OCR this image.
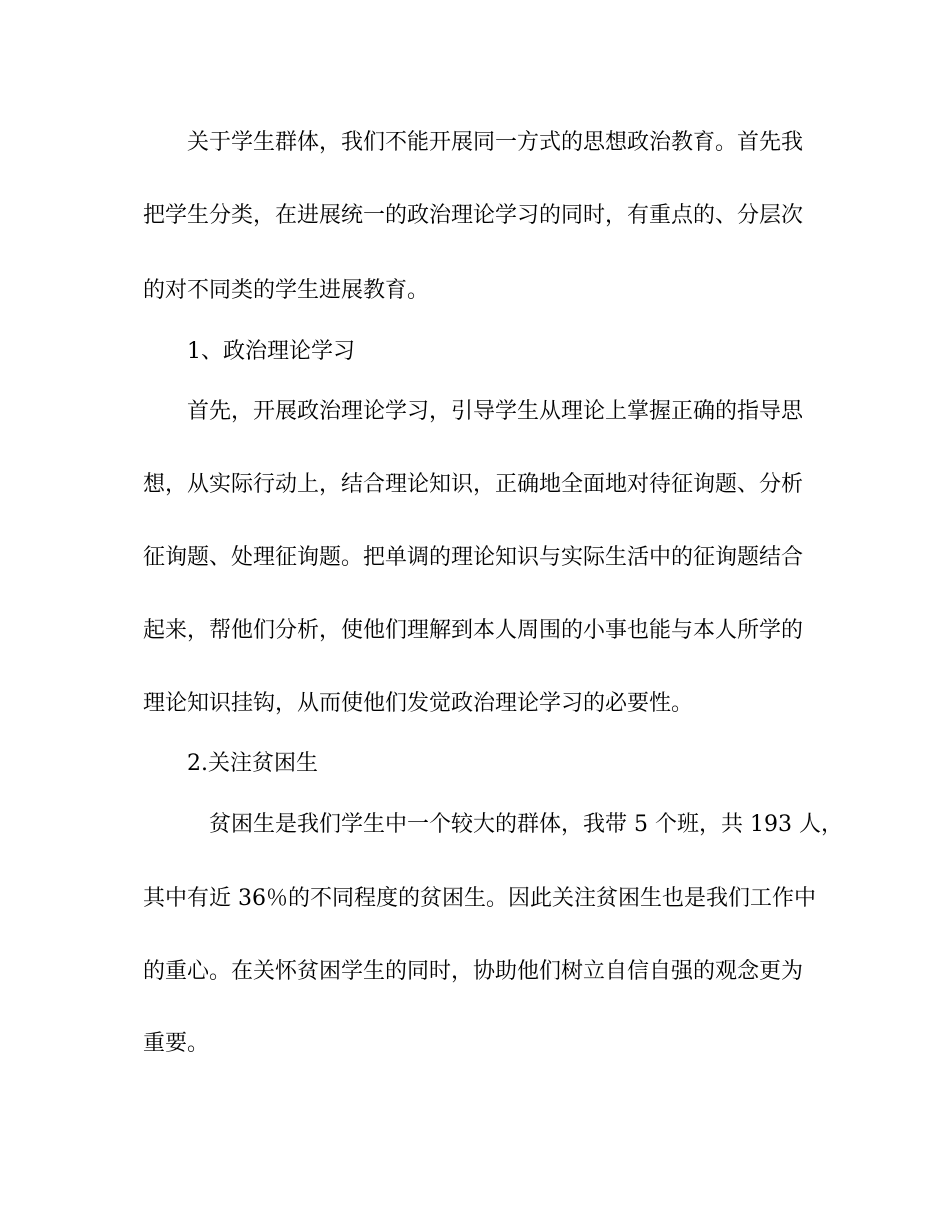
关于学生群体，我们不能开展同一方式的思想政治教育。首先我
把学生分类，在进展统一的政治理论学习的同时，有重点的、分层次
的对不同类的学生进展教育。
1、政治理论学习
首先，开展政治理论学习，引导学生从理论上掌握正确的指导思
想，从实际行动上，结合理论知识，正确地全面地对待征询题、分析
征询题、处理征询题。把单调的理论知识与实际生活中的征询题结合
起来，帮他们分析，使他们理解到本人周围的小事也能与本人所学的
理论知识挂钩，从而使他们发觉政治理论学习的必要性。
2.关注贫困生
贫困生是我们学生中一个较大的群体，我带 5 个班，共 193 人，
其中有近 36％的不同程度的贫困生。因此关注贫困生也是我们工作中
的重心。在关怀贫困学生的同时，协助他们树立自信自强的观念更为
重要。
